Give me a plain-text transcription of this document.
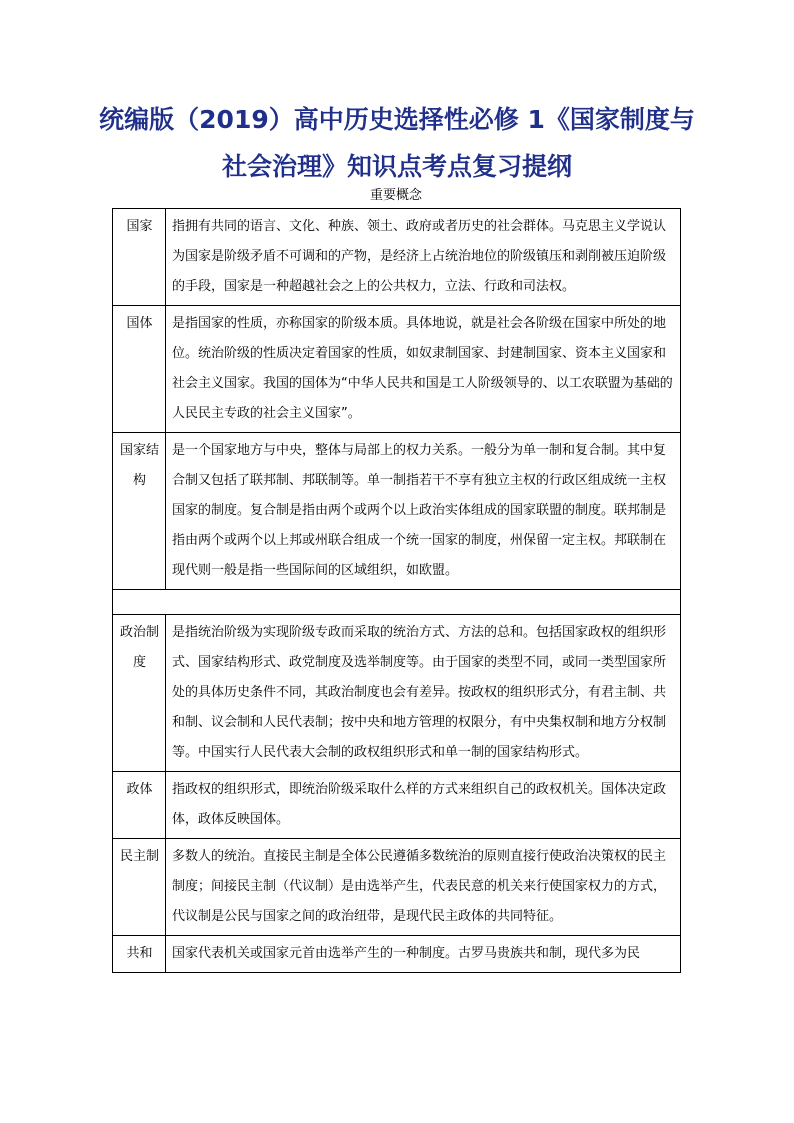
统编版（2019）高中历史选择性必修 1《国家制度与
社会治理》知识点考点复习提纲
重要概念
国家	指拥有共同的语言、文化、种族、领土、政府或者历史的社会群体。马克思主义学说认为国家是阶级矛盾不可调和的产物，是经济上占统治地位的阶级镇压和剥削被压迫阶级的手段，国家是一种超越社会之上的公共权力，立法、行政和司法权。
国体	是指国家的性质，亦称国家的阶级本质。具体地说，就是社会各阶级在国家中所处的地位。统治阶级的性质决定着国家的性质，如奴隶制国家、封建制国家、资本主义国家和社会主义国家。我国的国体为“中华人民共和国是工人阶级领导的、以工农联盟为基础的人民民主专政的社会主义国家”。
国家结构	是一个国家地方与中央，整体与局部上的权力关系。一般分为单一制和复合制。其中复合制又包括了联邦制、邦联制等。单一制指若干不享有独立主权的行政区组成统一主权国家的制度。复合制是指由两个或两个以上政治实体组成的国家联盟的制度。联邦制是指由两个或两个以上邦或州联合组成一个统一国家的制度，州保留一定主权。邦联制在现代则一般是指一些国际间的区域组织，如欧盟。

政治制度	是指统治阶级为实现阶级专政而采取的统治方式、方法的总和。包括国家政权的组织形式、国家结构形式、政党制度及选举制度等。由于国家的类型不同，或同一类型国家所处的具体历史条件不同，其政治制度也会有差异。按政权的组织形式分，有君主制、共和制、议会制和人民代表制；按中央和地方管理的权限分，有中央集权制和地方分权制等。中国实行人民代表大会制的政权组织形式和单一制的国家结构形式。
政体	指政权的组织形式，即统治阶级采取什么样的方式来组织自己的政权机关。国体决定政体，政体反映国体。
民主制	多数人的统治。直接民主制是全体公民遵循多数统治的原则直接行使政治决策权的民主制度；间接民主制（代议制）是由选举产生，代表民意的机关来行使国家权力的方式，代议制是公民与国家之间的政治纽带，是现代民主政体的共同特征。
共和	国家代表机关或国家元首由选举产生的一种制度。古罗马贵族共和制，现代多为民
